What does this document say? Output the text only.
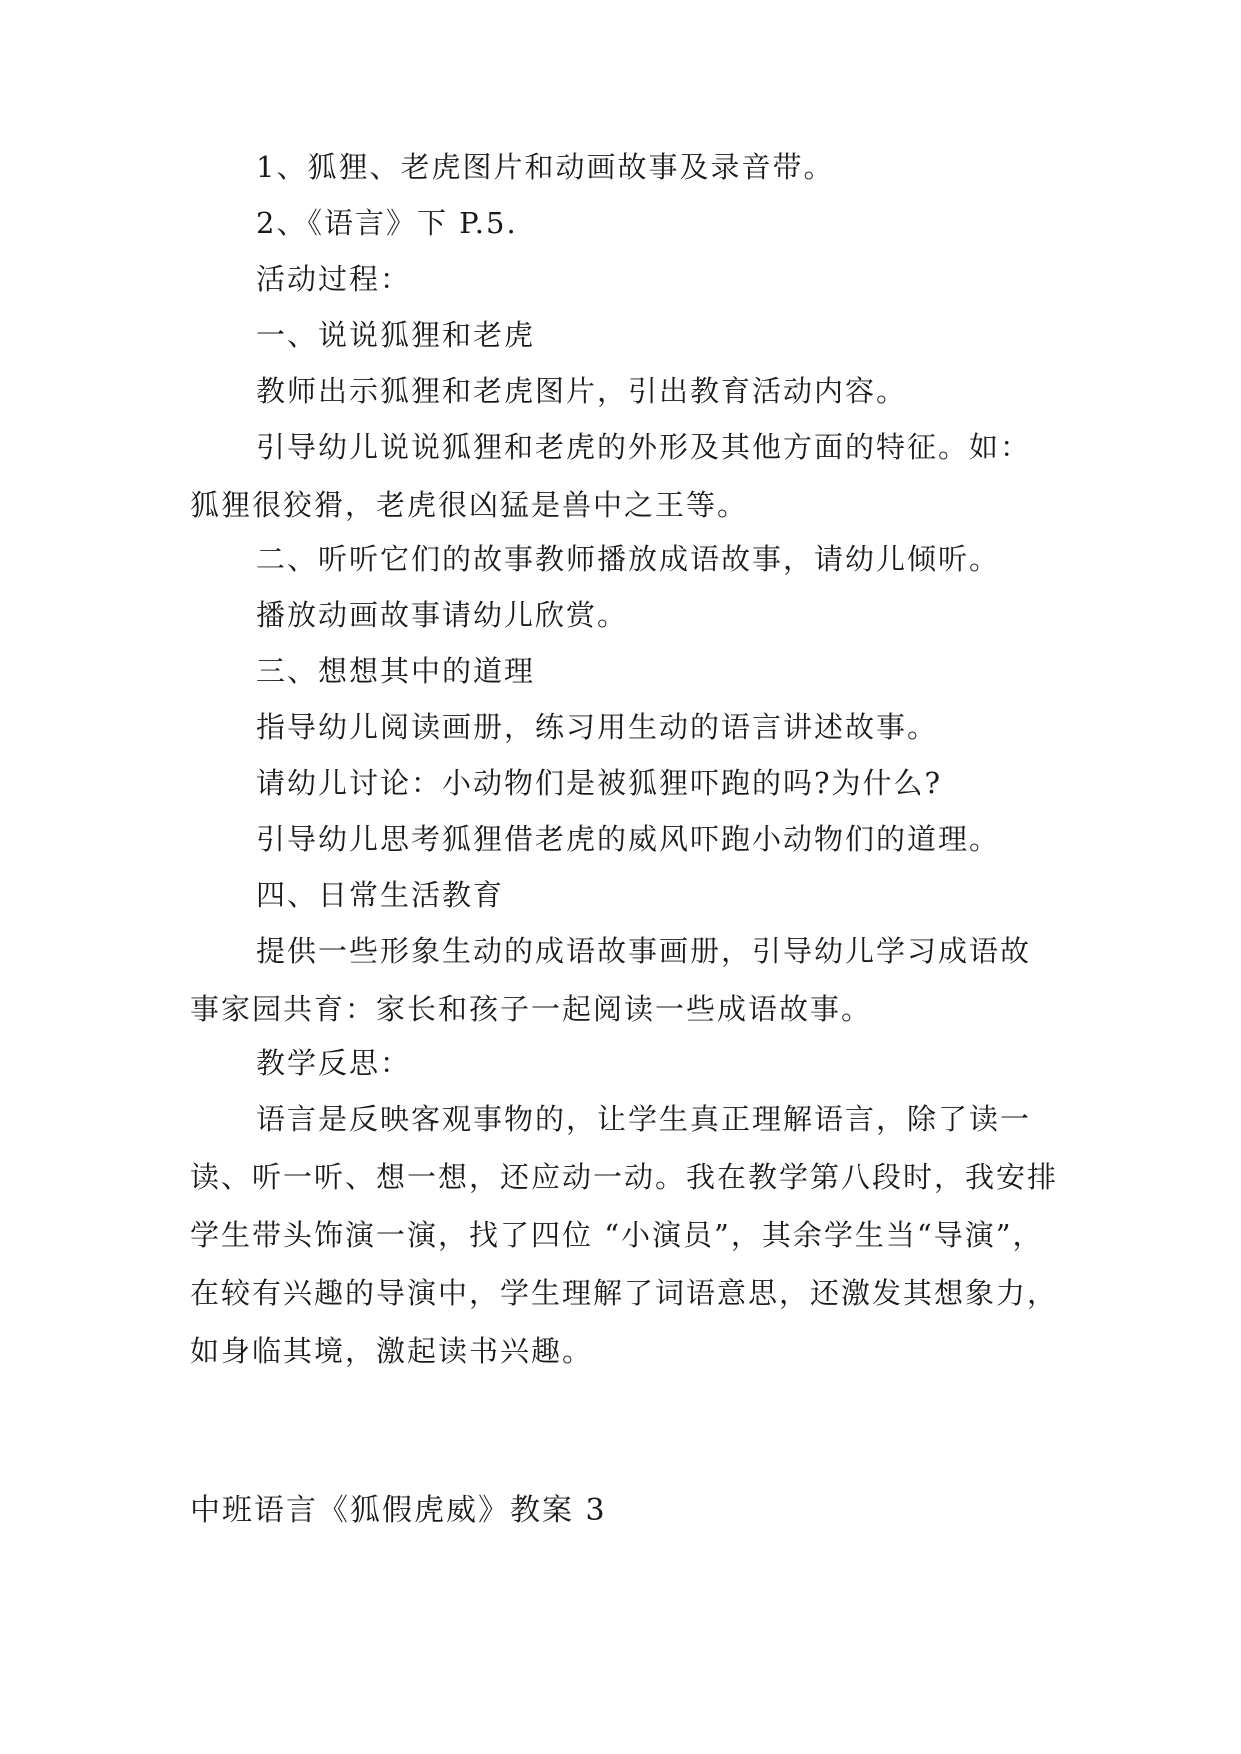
1、狐狸、老虎图片和动画故事及录音带。

2、《语言》下 P.5.

活动过程：

一、说说狐狸和老虎

教师出示狐狸和老虎图片，引出教育活动内容。

引导幼儿说说狐狸和老虎的外形及其他方面的特征。如：狐狸很狡猾，老虎很凶猛是兽中之王等。

二、听听它们的故事教师播放成语故事，请幼儿倾听。

播放动画故事请幼儿欣赏。

三、想想其中的道理

指导幼儿阅读画册，练习用生动的语言讲述故事。

请幼儿讨论：小动物们是被狐狸吓跑的吗?为什么?

引导幼儿思考狐狸借老虎的威风吓跑小动物们的道理。

四、日常生活教育

提供一些形象生动的成语故事画册，引导幼儿学习成语故事家园共育：家长和孩子一起阅读一些成语故事。

教学反思：

语言是反映客观事物的，让学生真正理解语言，除了读一读、听一听、想一想，还应动一动。我在教学第八段时，我安排学生带头饰演一演，找了四位 “小演员”，其余学生当“导演”，在较有兴趣的导演中，学生理解了词语意思，还激发其想象力，如身临其境，激起读书兴趣。

中班语言《狐假虎威》教案 3
